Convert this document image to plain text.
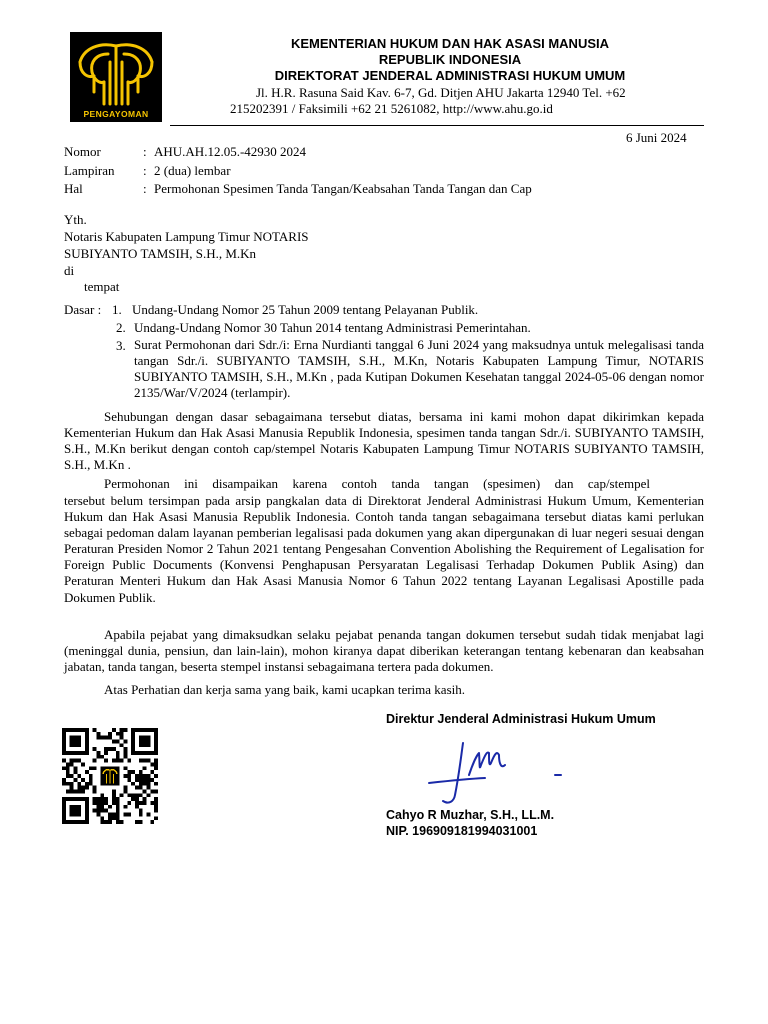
PENGAYOMAN
KEMENTERIAN HUKUM DAN HAK ASASI MANUSIA
REPUBLIK INDONESIA
DIREKTORAT JENDERAL ADMINISTRASI HUKUM UMUM
Jl. H.R. Rasuna Said Kav. 6-7, Gd. Ditjen AHU Jakarta 12940 Tel. +62
215202391 / Faksimili +62 21 5261082, http://www.ahu.go.id
6 Juni 2024
Nomor	: AHU.AH.12.05.-42930 2024
Lampiran : 2 (dua) lembar
Hal	: Permohonan Spesimen Tanda Tangan/Keabsahan Tanda Tangan dan Cap
Yth.
Notaris Kabupaten Lampung Timur NOTARIS
SUBIYANTO TAMSIH, S.H., M.Kn
di
tempat
Dasar : 1. Undang-Undang Nomor 25 Tahun 2009 tentang Pelayanan Publik.
2. Undang-Undang Nomor 30 Tahun 2014 tentang Administrasi Pemerintahan.
3. Surat Permohonan dari Sdr./i: Erna Nurdianti tanggal 6 Juni 2024 yang maksudnya untuk melegalisasi tanda tangan Sdr./i. SUBIYANTO TAMSIH, S.H., M.Kn, Notaris Kabupaten Lampung Timur, NOTARIS SUBIYANTO TAMSIH, S.H., M.Kn , pada Kutipan Dokumen Kesehatan tanggal 2024-05-06 dengan nomor 2135/War/V/2024 (terlampir).
Sehubungan dengan dasar sebagaimana tersebut diatas, bersama ini kami mohon dapat dikirimkan kepada Kementerian Hukum dan Hak Asasi Manusia Republik Indonesia, spesimen tanda tangan Sdr./i. SUBIYANTO TAMSIH, S.H., M.Kn berikut dengan contoh cap/stempel Notaris Kabupaten Lampung Timur NOTARIS SUBIYANTO TAMSIH, S.H., M.Kn .
Permohonan ini disampaikan karena contoh tanda tangan (spesimen) dan cap/stempel
tersebut belum tersimpan pada arsip pangkalan data di Direktorat Jenderal Administrasi Hukum Umum, Kementerian Hukum dan Hak Asasi Manusia Republik Indonesia. Contoh tanda tangan sebagaimana tersebut diatas kami perlukan sebagai pedoman dalam layanan pemberian legalisasi pada dokumen yang akan dipergunakan di luar negeri sesuai dengan Peraturan Presiden Nomor 2 Tahun 2021 tentang Pengesahan Convention Abolishing the Requirement of Legalisation for Foreign Public Documents (Konvensi Penghapusan Persyaratan Legalisasi Terhadap Dokumen Publik Asing) dan Peraturan Menteri Hukum dan Hak Asasi Manusia Nomor 6 Tahun 2022 tentang Layanan Legalisasi Apostille pada Dokumen Publik.
Apabila pejabat yang dimaksudkan selaku pejabat penanda tangan dokumen tersebut sudah tidak menjabat lagi (meninggal dunia, pensiun, dan lain-lain), mohon kiranya dapat diberikan keterangan tentang kebenaran dan keabsahan jabatan, tanda tangan, beserta stempel instansi sebagaimana tertera pada dokumen.
Atas Perhatian dan kerja sama yang baik, kami ucapkan terima kasih.
Direktur Jenderal Administrasi Hukum Umum
Cahyo R Muzhar, S.H., LL.M.
NIP. 196909181994031001
